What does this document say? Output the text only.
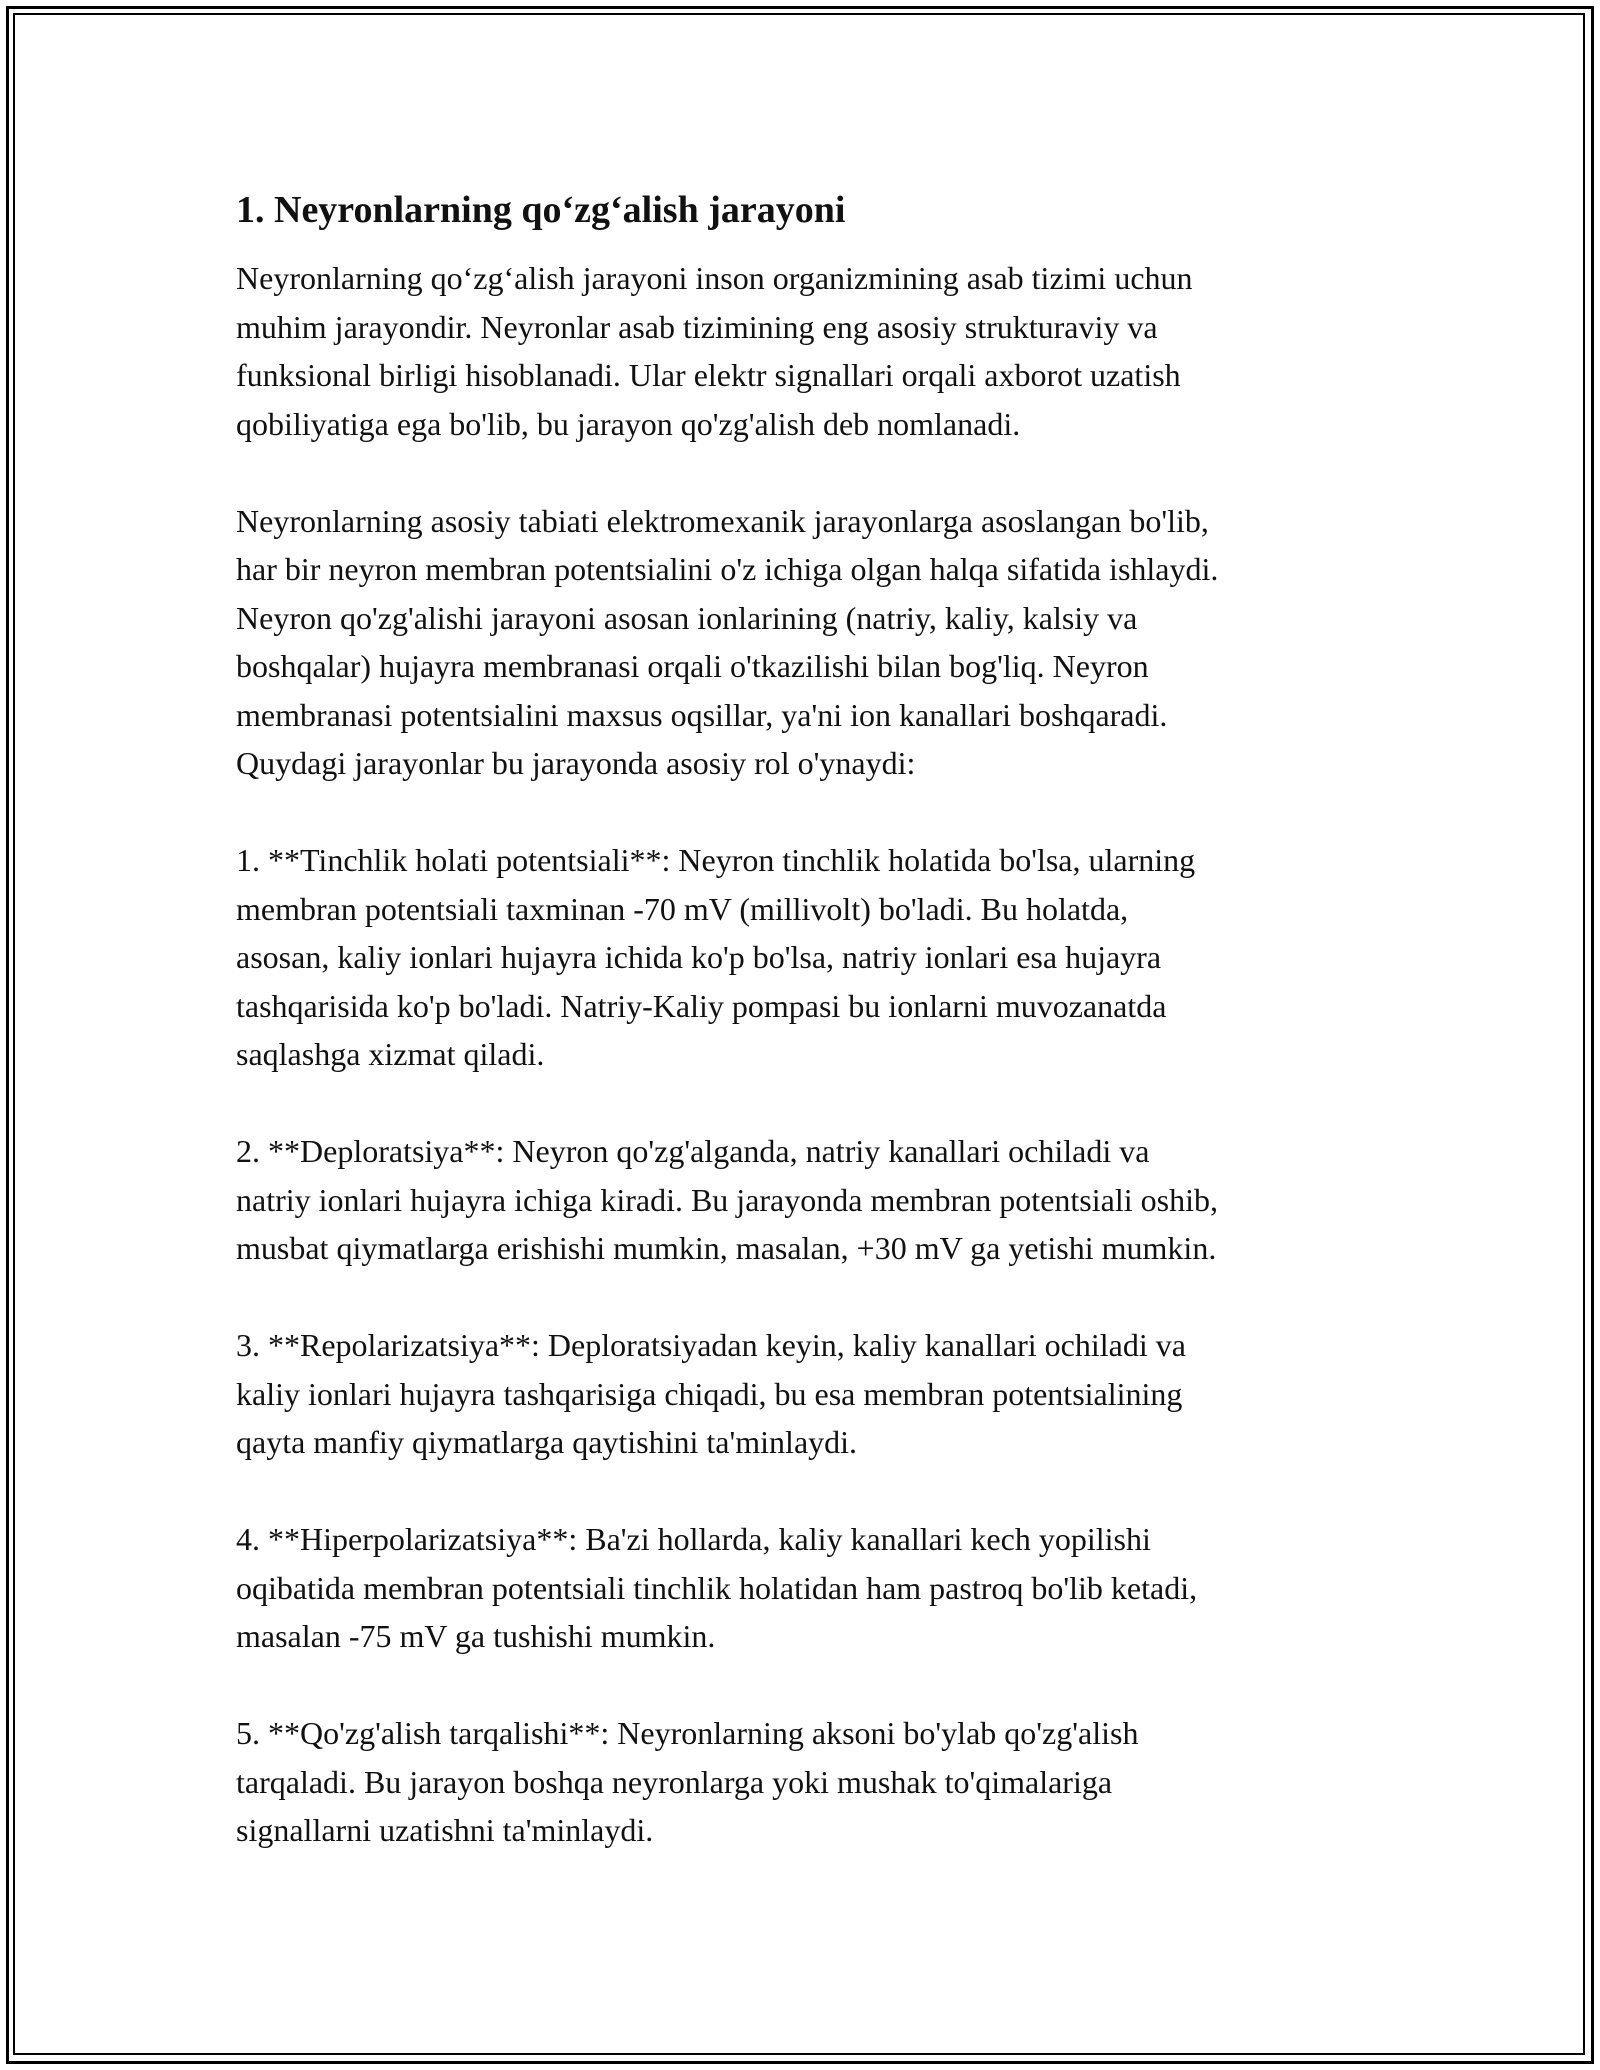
1. Neyronlarning qo‘zg‘alish jarayoni
Neyronlarning qo‘zg‘alish jarayoni inson organizmining asab tizimi uchun
muhim jarayondir. Neyronlar asab tizimining eng asosiy strukturaviy va
funksional birligi hisoblanadi. Ular elektr signallari orqali axborot uzatish
qobiliyatiga ega bo'lib, bu jarayon qo'zg'alish deb nomlanadi.
Neyronlarning asosiy tabiati elektromexanik jarayonlarga asoslangan bo'lib,
har bir neyron membran potentsialini o'z ichiga olgan halqa sifatida ishlaydi.
Neyron qo'zg'alishi jarayoni asosan ionlarining (natriy, kaliy, kalsiy va
boshqalar) hujayra membranasi orqali o'tkazilishi bilan bog'liq. Neyron
membranasi potentsialini maxsus oqsillar, ya'ni ion kanallari boshqaradi.
Quydagi jarayonlar bu jarayonda asosiy rol o'ynaydi:
1. **Tinchlik holati potentsiali**: Neyron tinchlik holatida bo'lsa, ularning
membran potentsiali taxminan -70 mV (millivolt) bo'ladi. Bu holatda,
asosan, kaliy ionlari hujayra ichida ko'p bo'lsa, natriy ionlari esa hujayra
tashqarisida ko'p bo'ladi. Natriy-Kaliy pompasi bu ionlarni muvozanatda
saqlashga xizmat qiladi.
2. **Deploratsiya**: Neyron qo'zg'alganda, natriy kanallari ochiladi va
natriy ionlari hujayra ichiga kiradi. Bu jarayonda membran potentsiali oshib,
musbat qiymatlarga erishishi mumkin, masalan, +30 mV ga yetishi mumkin.
3. **Repolarizatsiya**: Deploratsiyadan keyin, kaliy kanallari ochiladi va
kaliy ionlari hujayra tashqarisiga chiqadi, bu esa membran potentsialining
qayta manfiy qiymatlarga qaytishini ta'minlaydi.
4. **Hiperpolarizatsiya**: Ba'zi hollarda, kaliy kanallari kech yopilishi
oqibatida membran potentsiali tinchlik holatidan ham pastroq bo'lib ketadi,
masalan -75 mV ga tushishi mumkin.
5. **Qo'zg'alish tarqalishi**: Neyronlarning aksoni bo'ylab qo'zg'alish
tarqaladi. Bu jarayon boshqa neyronlarga yoki mushak to'qimalariga
signallarni uzatishni ta'minlaydi.
